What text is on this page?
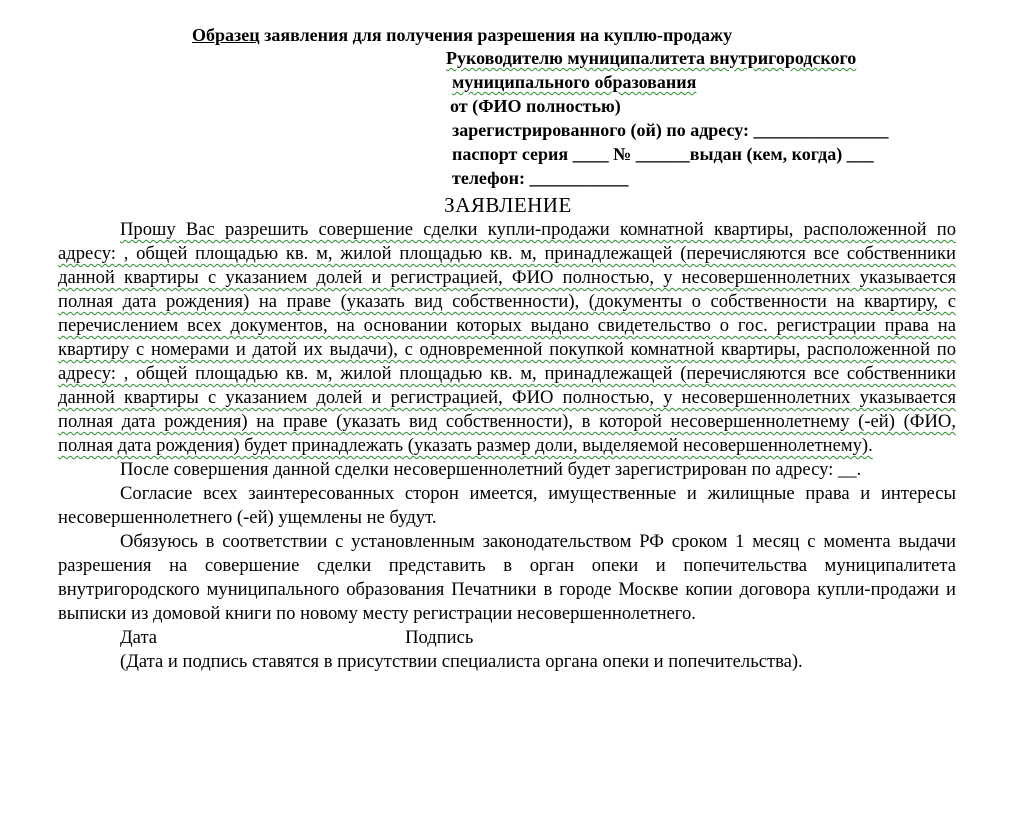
Образец заявления для получения разрешения на куплю-продажу
Руководителю муниципалитета внутригородского
муниципального образования
от (ФИО полностью)
зарегистрированного (ой) по адресу: _______________
паспорт серия ____ № ______выдан (кем, когда) ___
телефон: ___________
ЗАЯВЛЕНИЕ

Прошу Вас разрешить совершение сделки купли-продажи комнатной квартиры, расположенной по адресу: , общей площадью кв. м, жилой площадью кв. м, принадлежащей (перечисляются все собственники данной квартиры с указанием долей и регистрацией, ФИО полностью, у несовершеннолетних указывается полная дата рождения) на праве (указать вид собственности), (документы о собственности на квартиру, с перечислением всех документов, на основании которых выдано свидетельство о гос. регистрации права на квартиру с номерами и датой их выдачи), с одновременной покупкой комнатной квартиры, расположенной по адресу: , общей площадью кв. м, жилой площадью кв. м, принадлежащей (перечисляются все собственники данной квартиры с указанием долей и регистрацией, ФИО полностью, у несовершеннолетних указывается полная дата рождения) на праве (указать вид собственности), в которой несовершеннолетнему (-ей) (ФИО, полная дата рождения) будет принадлежать (указать размер доли, выделяемой несовершеннолетнему).

После совершения данной сделки несовершеннолетний будет зарегистрирован по адресу: __.

Согласие всех заинтересованных сторон имеется, имущественные и жилищные права и интересы несовершеннолетнего (-ей) ущемлены не будут.

Обязуюсь в соответствии с установленным законодательством РФ сроком 1 месяц с момента выдачи разрешения на совершение сделки представить в орган опеки и попечительства муниципалитета внутригородского муниципального образования Печатники в городе Москве копии договора купли-продажи и выписки из домовой книги по новому месту регистрации несовершеннолетнего.

Дата	Подпись
(Дата и подпись ставятся в присутствии специалиста органа опеки и попечительства).
